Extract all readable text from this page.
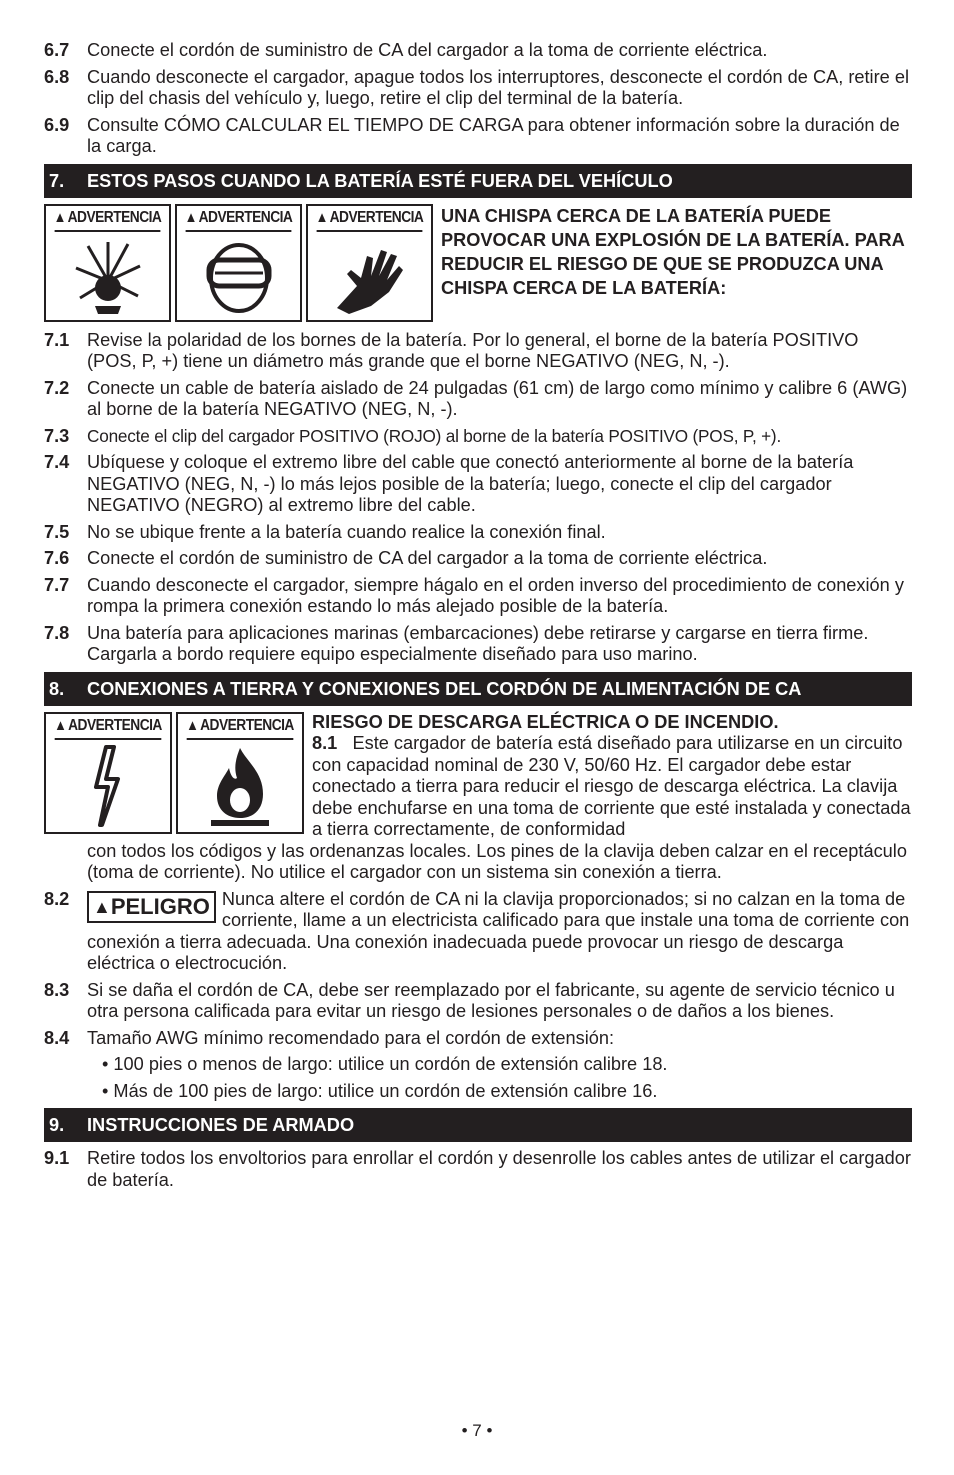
6.7 Conecte el cordón de suministro de CA del cargador a la toma de corriente eléctrica.
6.8 Cuando desconecte el cargador, apague todos los interruptores, desconecte el cordón de CA, retire el clip del chasis del vehículo y, luego, retire el clip del terminal de la batería.
6.9 Consulte CÓMO CALCULAR EL TIEMPO DE CARGA para obtener información sobre la duración de la carga.
7.	ESTOS PASOS CUANDO LA BATERÍA ESTÉ FUERA DEL VEHÍCULO
▲ ADVERTENCIA ▲ ADVERTENCIA ▲ ADVERTENCIA UNA CHISPA CERCA DE LA BATERÍA PUEDE PROVOCAR UNA EXPLOSIÓN DE LA BATERÍA. PARA REDUCIR EL RIESGO DE QUE SE PRODUZCA UNA CHISPA CERCA DE LA BATERÍA:
7.1 Revise la polaridad de los bornes de la batería. Por lo general, el borne de la batería POSITIVO (POS, P, +) tiene un diámetro más grande que el borne NEGATIVO (NEG, N, -).
7.2 Conecte un cable de batería aislado de 24 pulgadas (61 cm) de largo como mínimo y calibre 6 (AWG) al borne de la batería NEGATIVO (NEG, N, -).
7.3	Conecte el clip del cargador POSITIVO (ROJO) al borne de la batería POSITIVO (POS, P, +).
7.4 Ubíquese y coloque el extremo libre del cable que conectó anteriormente al borne de la batería NEGATIVO (NEG, N, -) lo más lejos posible de la batería; luego, conecte el clip del cargador NEGATIVO (NEGRO) al extremo libre del cable.
7.5 No se ubique frente a la batería cuando realice la conexión final.
7.6 Conecte el cordón de suministro de CA del cargador a la toma de corriente eléctrica.
7.7 Cuando desconecte el cargador, siempre hágalo en el orden inverso del procedimiento de conexión y rompa la primera conexión estando lo más alejado posible de la batería.
7.8 Una batería para aplicaciones marinas (embarcaciones) debe retirarse y cargarse en tierra firme. Cargarla a bordo requiere equipo especialmente diseñado para uso marino.
8.	CONEXIONES A TIERRA Y CONEXIONES DEL CORDÓN DE ALIMENTACIÓN DE CA
▲ ADVERTENCIA ▲ ADVERTENCIA RIESGO DE DESCARGA ELÉCTRICA O DE INCENDIO.
8.1 Este cargador de batería está diseñado para utilizarse en un circuito con capacidad nominal de 230 V, 50/60 Hz. El cargador debe estar conectado a tierra para reducir el riesgo de descarga eléctrica. La clavija debe enchufarse en una toma de corriente que esté instalada y conectada a tierra correctamente, de conformidad
con todos los códigos y las ordenanzas locales. Los pines de la clavija deben calzar en el receptáculo (toma de corriente). No utilice el cargador con un sistema sin conexión a tierra.
8.2	▲ PELIGRO Nunca altere el cordón de CA ni la clavija proporcionados; si no calzan en la toma de corriente, llame a un electricista calificado para que instale una toma de corriente con conexión a tierra adecuada. Una conexión inadecuada puede provocar un riesgo de descarga eléctrica o electrocución.
8.3 Si se daña el cordón de CA, debe ser reemplazado por el fabricante, su agente de servicio técnico u otra persona calificada para evitar un riesgo de lesiones personales o de daños a los bienes.
8.4 Tamaño AWG mínimo recomendado para el cordón de extensión:
• 100 pies o menos de largo: utilice un cordón de extensión calibre 18.
• Más de 100 pies de largo: utilice un cordón de extensión calibre 16.
9.	INSTRUCCIONES DE ARMADO
9.1 Retire todos los envoltorios para enrollar el cordón y desenrolle los cables antes de utilizar el cargador de batería.
• 7 •
